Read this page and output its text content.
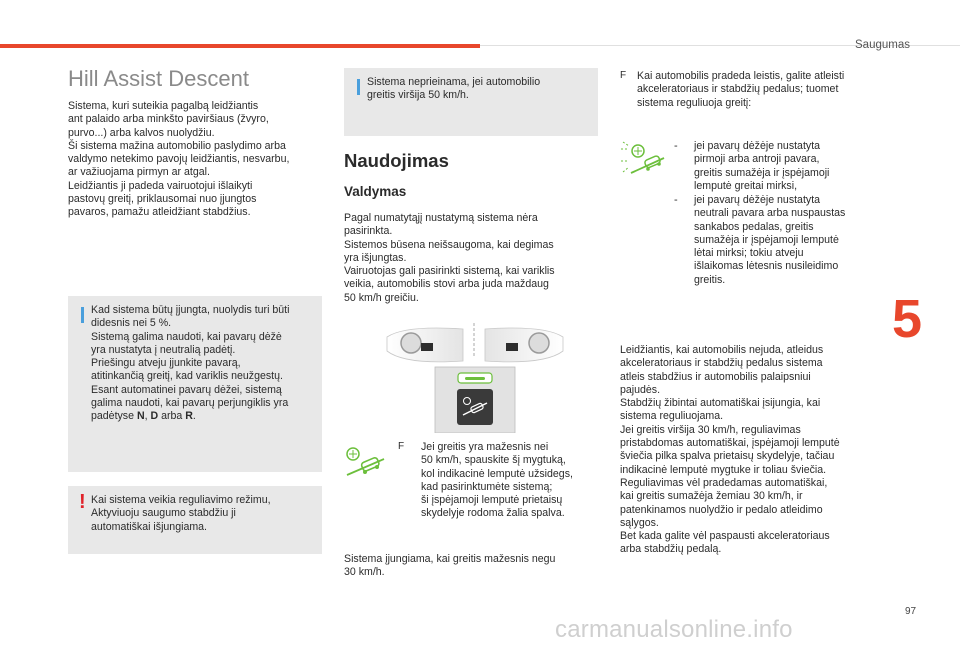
Saugumas
5
97
carmanualsonline.info
Hill Assist Descent
Sistema, kuri suteikia pagalbą leidžiantis
ant palaido arba minkšto paviršiaus (žvyro,
purvo...) arba kalvos nuolydžiu.
Ši sistema mažina automobilio paslydimo arba
valdymo netekimo pavojų leidžiantis, nesvarbu,
ar važiuojama pirmyn ar atgal.
Leidžiantis ji padeda vairuotojui išlaikyti
pastovų greitį, priklausomai nuo įjungtos
pavaros, pamažu atleidžiant stabdžius.
Kad sistema būtų įjungta, nuolydis turi būti
didesnis nei 5 %.
Sistemą galima naudoti, kai pavarų dėžė
yra nustatyta į neutralią padėtį.
Priešingu atveju įjunkite pavarą,
atitinkančią greitį, kad variklis neužgestų.
Esant automatinei pavarų dėžei, sistemą
galima naudoti, kai pavarų perjungiklis yra
padėtyse N, D arba R.
! Kai sistema veikia reguliavimo režimu,
Aktyviuoju saugumo stabdžiu ji
automatiškai išjungiama.
Sistema neprieinama, jei automobilio
greitis viršija 50 km/h.
Naudojimas
Valdymas
Pagal numatytąjį nustatymą sistema nėra
pasirinkta.
Sistemos būsena neišsaugoma, kai degimas
yra išjungtas.
Vairuotojas gali pasirinkti sistemą, kai variklis
veikia, automobilis stovi arba juda maždaug
50 km/h greičiu.
F Jei greitis yra mažesnis nei
50 km/h, spauskite šį mygtuką,
kol indikacinė lemputė užsidegs,
kad pasirinktumėte sistemą;
ši įspėjamoji lemputė prietaisų
skydelyje rodoma žalia spalva.
Sistema įjungiama, kai greitis mažesnis negu
30 km/h.
F Kai automobilis pradeda leistis, galite atleisti
akceleratoriaus ir stabdžių pedalus; tuomet
sistema reguliuoja greitį:
- jei pavarų dėžėje nustatyta
pirmoji arba antroji pavara,
greitis sumažėja ir įspėjamoji
lemputė greitai mirksi,
- jei pavarų dėžėje nustatyta
neutrali pavara arba nuspaustas
sankabos pedalas, greitis
sumažėja ir įspėjamoji lemputė
lėtai mirksi; tokiu atveju
išlaikomas lėtesnis nusileidimo
greitis.
Leidžiantis, kai automobilis nejuda, atleidus
akceleratoriaus ir stabdžių pedalus sistema
atleis stabdžius ir automobilis palaipsniui
pajudės.
Stabdžių žibintai automatiškai įsijungia, kai
sistema reguliuojama.
Jei greitis viršija 30 km/h, reguliavimas
pristabdomas automatiškai, įspėjamoji lemputė
šviečia pilka spalva prietaisų skydelyje, tačiau
indikacinė lemputė mygtuke ir toliau šviečia.
Reguliavimas vėl pradedamas automatiškai,
kai greitis sumažėja žemiau 30 km/h, ir
patenkinamos nuolydžio ir pedalo atleidimo
sąlygos.
Bet kada galite vėl paspausti akceleratoriaus
arba stabdžių pedalą.
